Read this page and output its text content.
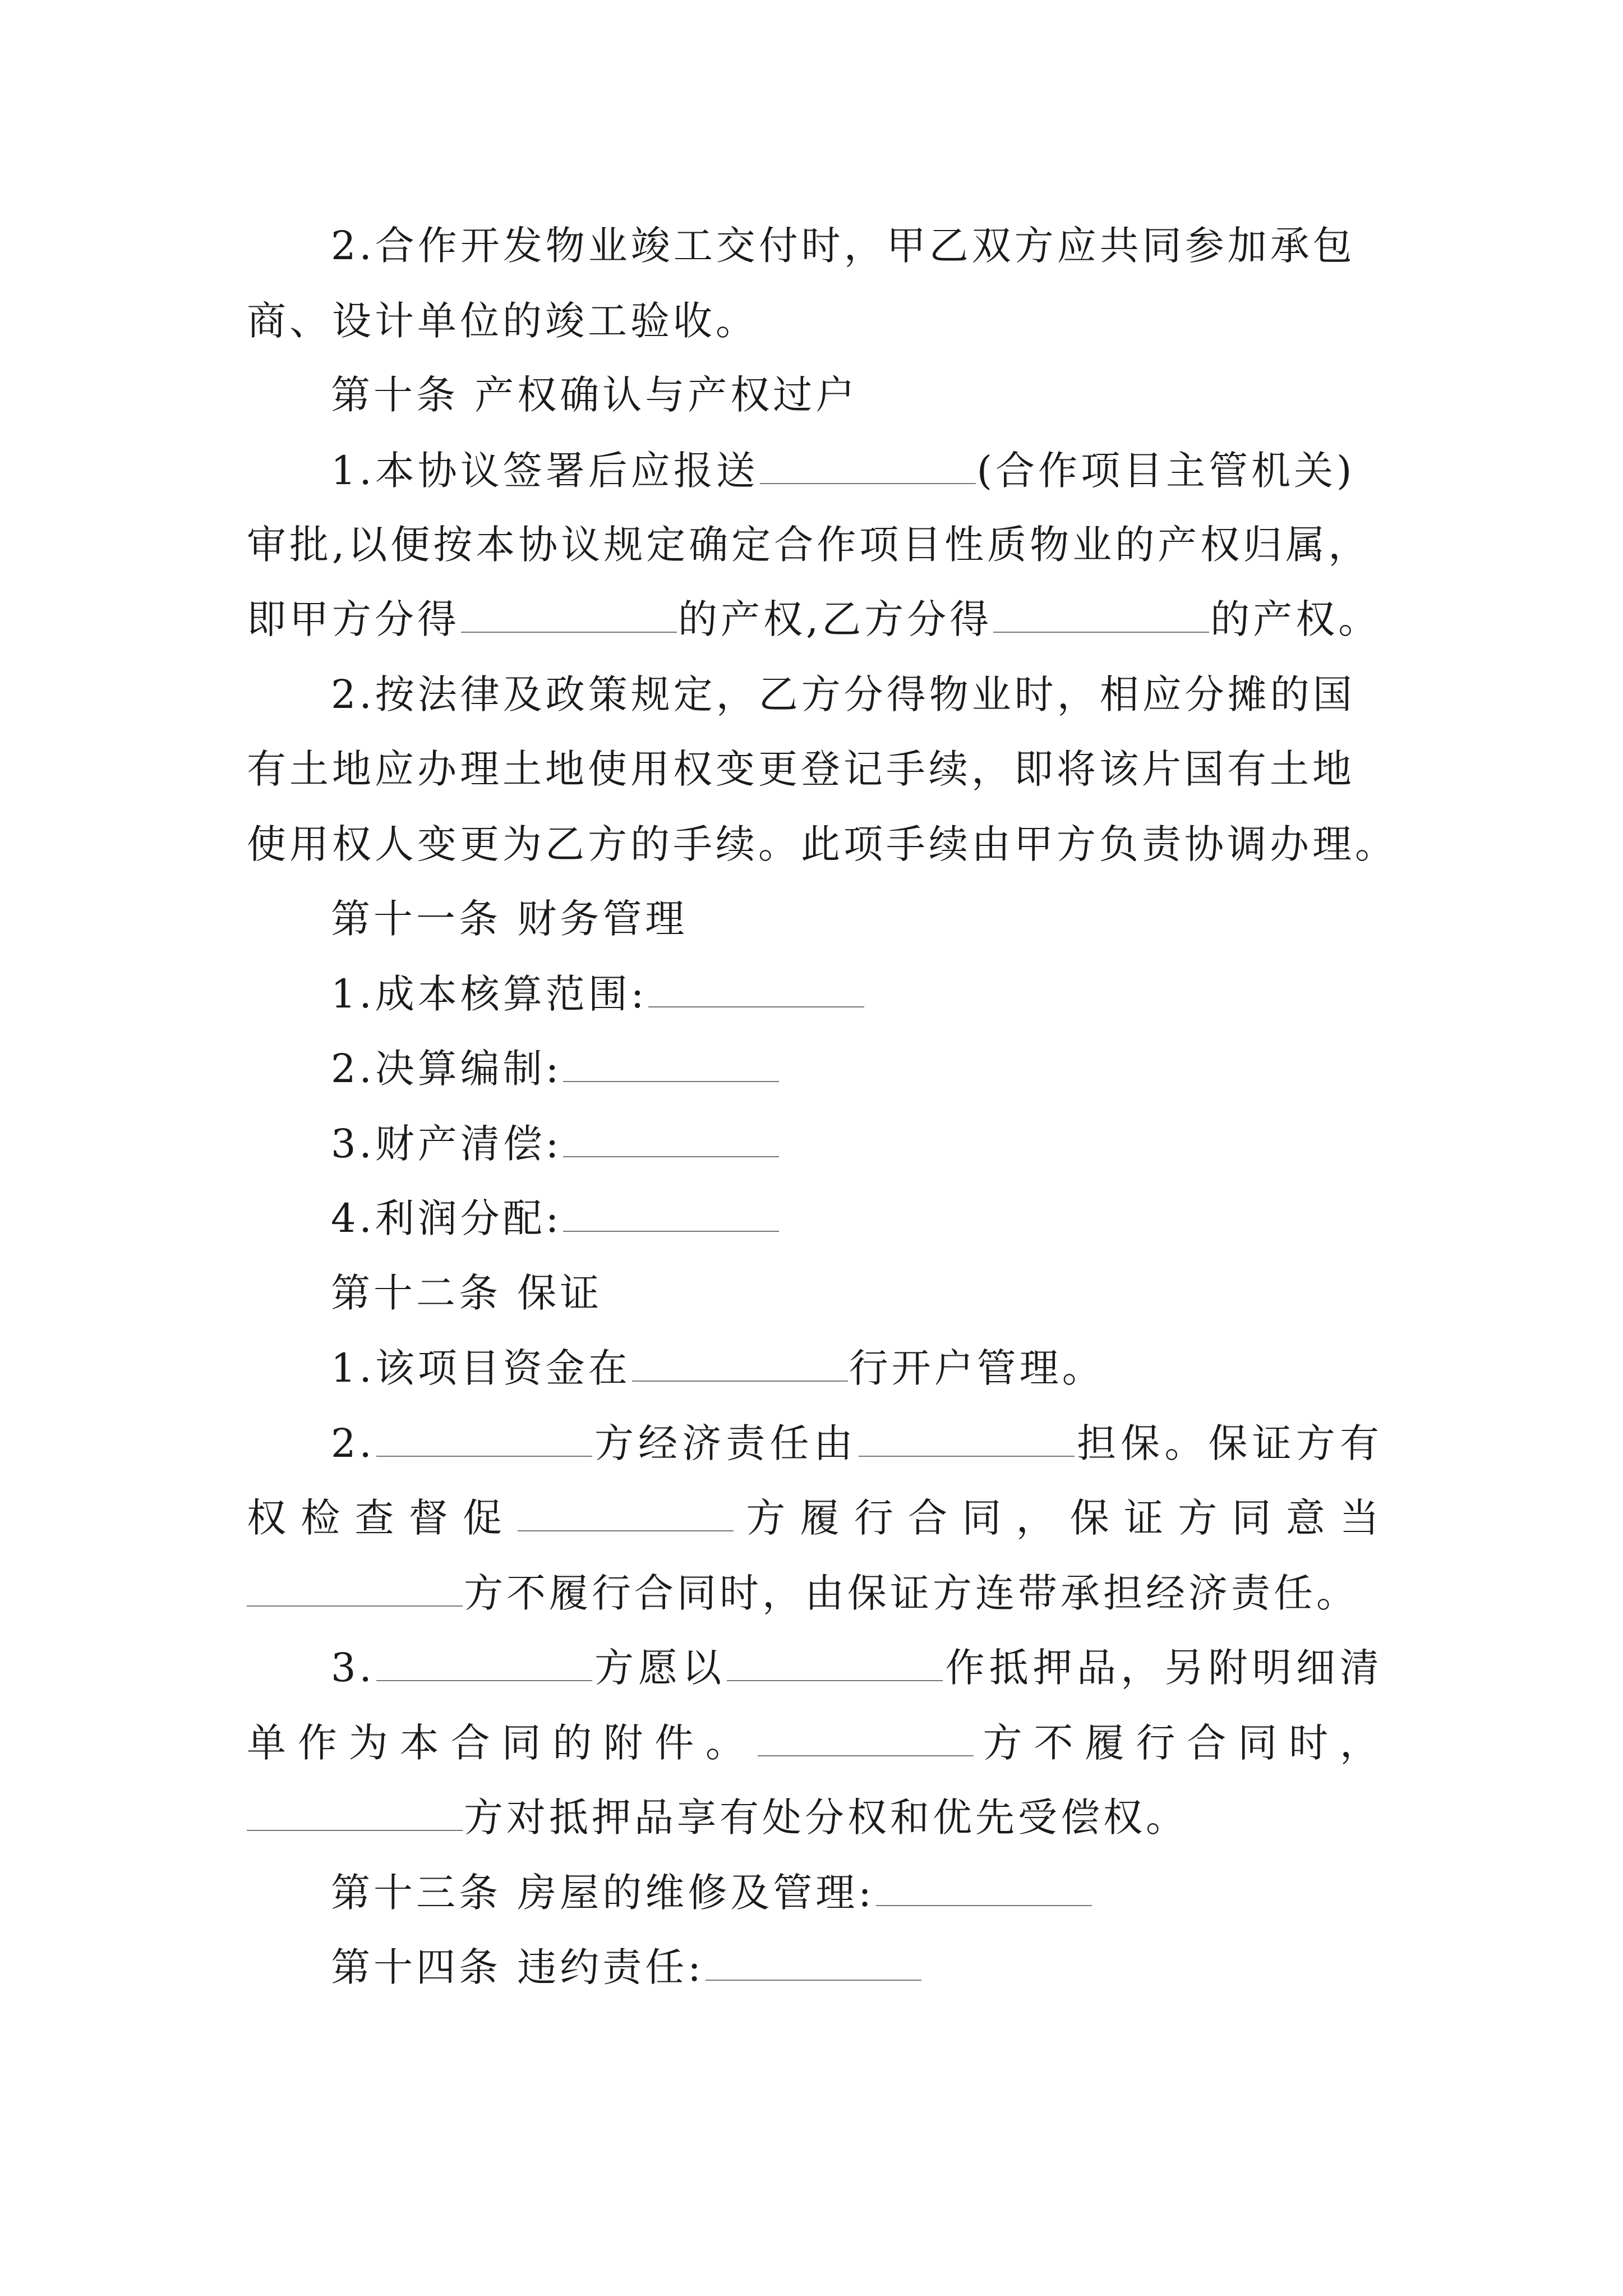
2.合作开发物业竣工交付时，甲乙双方应共同参加承包
商、设计单位的竣工验收。
第十条 产权确认与产权过户
1.本协议签署后应报送	(合作项目主管机关)
审批,以便按本协议规定确定合作项目性质物业的产权归属，
即甲方分得	的产权,乙方分得	的产权。
2.按法律及政策规定，乙方分得物业时，相应分摊的国
有土地应办理土地使用权变更登记手续，即将该片国有土地
使用权人变更为乙方的手续。此项手续由甲方负责协调办理。
第十一条 财务管理
1.成本核算范围:
2.决算编制:
3.财产清偿:
4.利润分配:
第十二条 保证
1.该项目资金在	行开户管理。
2.	方经济责任由	担保。保证方有
权检查督促	方履行合同，保证方同意当
方不履行合同时，由保证方连带承担经济责任。
3.	方愿以	作抵押品，另附明细清
单作为本合同的附件。	方不履行合同时，
方对抵押品享有处分权和优先受偿权。
第十三条 房屋的维修及管理:
第十四条 违约责任:
